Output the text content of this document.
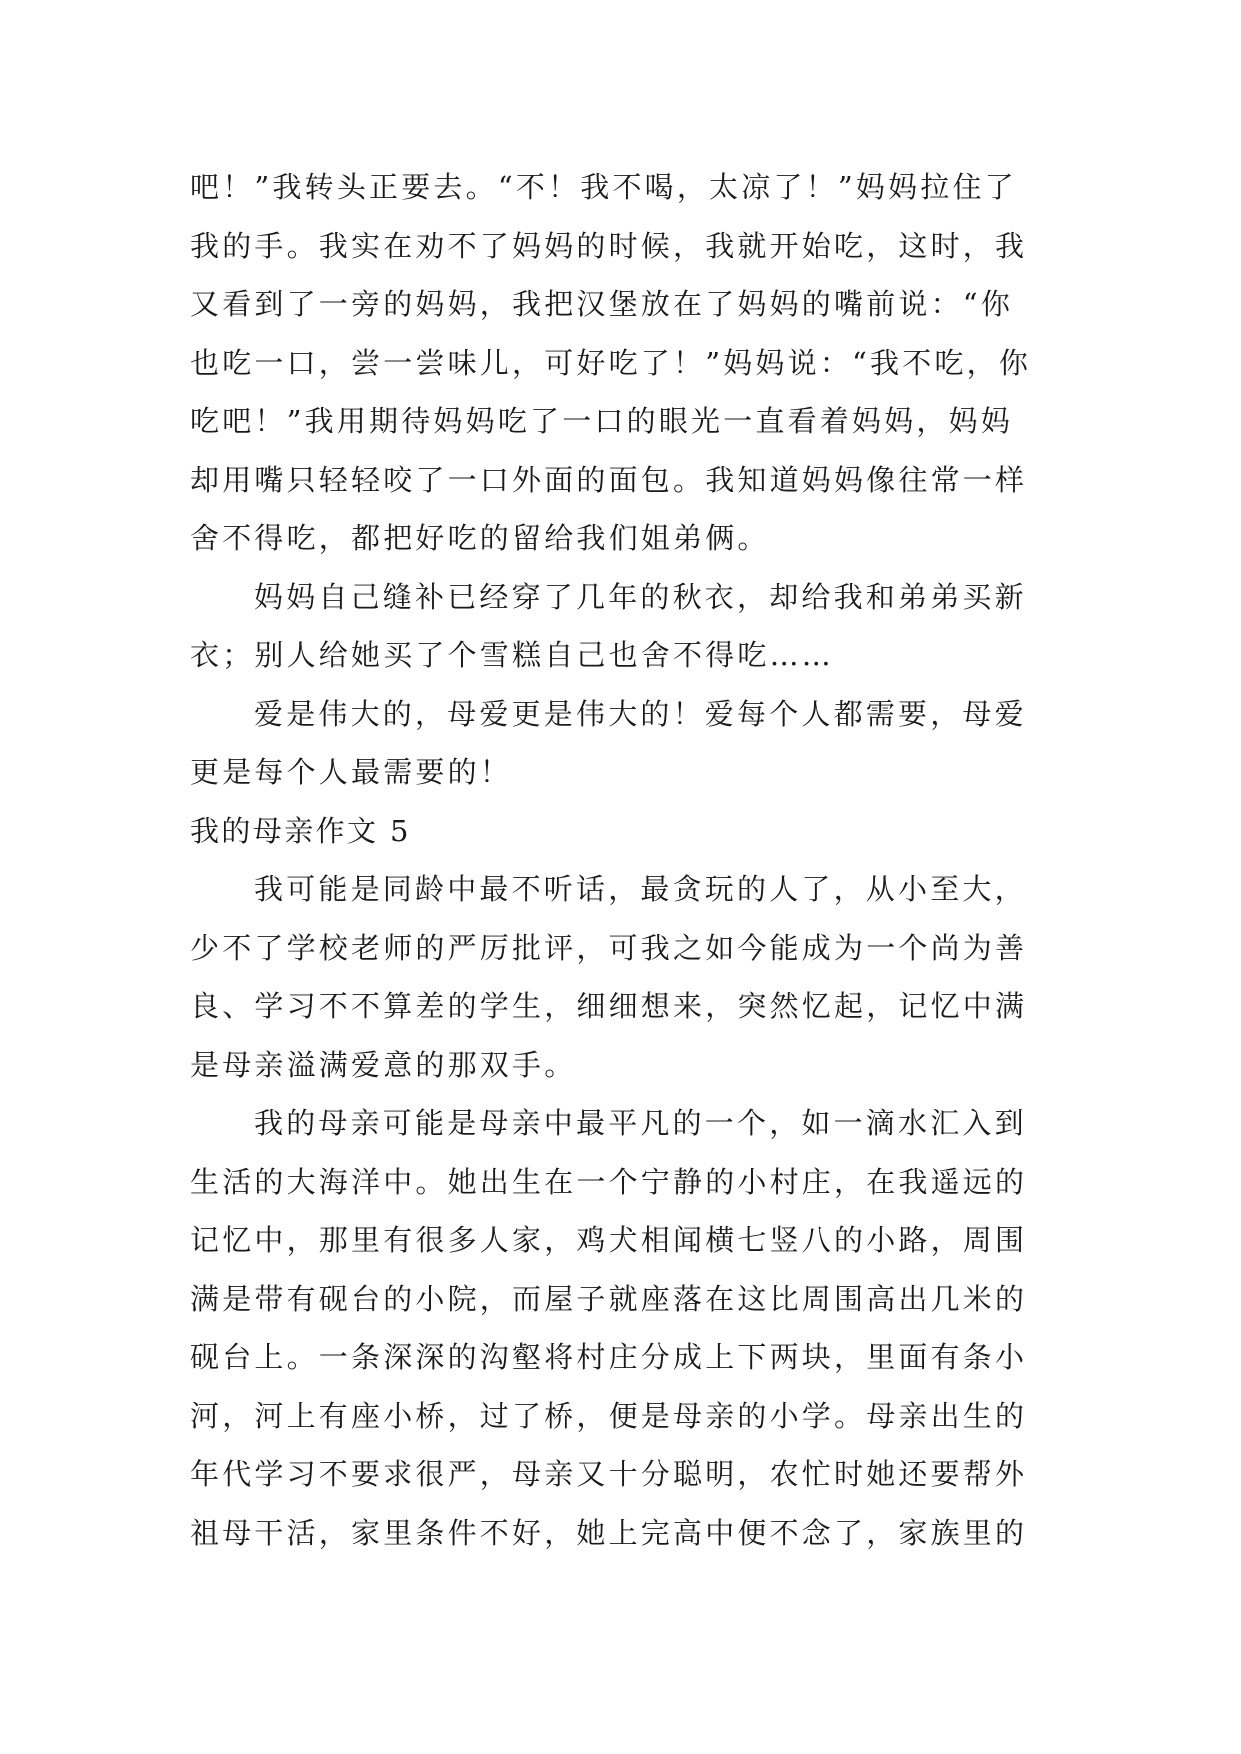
吧！”我转头正要去。“不！我不喝，太凉了！”妈妈拉住了
我的手。我实在劝不了妈妈的时候，我就开始吃，这时，我
又看到了一旁的妈妈，我把汉堡放在了妈妈的嘴前说：“你
也吃一口，尝一尝味儿，可好吃了！”妈妈说：“我不吃，你
吃吧！”我用期待妈妈吃了一口的眼光一直看着妈妈，妈妈
却用嘴只轻轻咬了一口外面的面包。我知道妈妈像往常一样
舍不得吃，都把好吃的留给我们姐弟俩。
妈妈自己缝补已经穿了几年的秋衣，却给我和弟弟买新
衣；别人给她买了个雪糕自己也舍不得吃……
爱是伟大的，母爱更是伟大的！爱每个人都需要，母爱
更是每个人最需要的！
我的母亲作文 5
我可能是同龄中最不听话，最贪玩的人了，从小至大，
少不了学校老师的严厉批评，可我之如今能成为一个尚为善
良、学习不不算差的学生，细细想来，突然忆起，记忆中满
是母亲溢满爱意的那双手。
我的母亲可能是母亲中最平凡的一个，如一滴水汇入到
生活的大海洋中。她出生在一个宁静的小村庄，在我遥远的
记忆中，那里有很多人家，鸡犬相闻横七竖八的小路，周围
满是带有砚台的小院，而屋子就座落在这比周围高出几米的
砚台上。一条深深的沟壑将村庄分成上下两块，里面有条小
河，河上有座小桥，过了桥，便是母亲的小学。母亲出生的
年代学习不要求很严，母亲又十分聪明，农忙时她还要帮外
祖母干活，家里条件不好，她上完高中便不念了，家族里的
